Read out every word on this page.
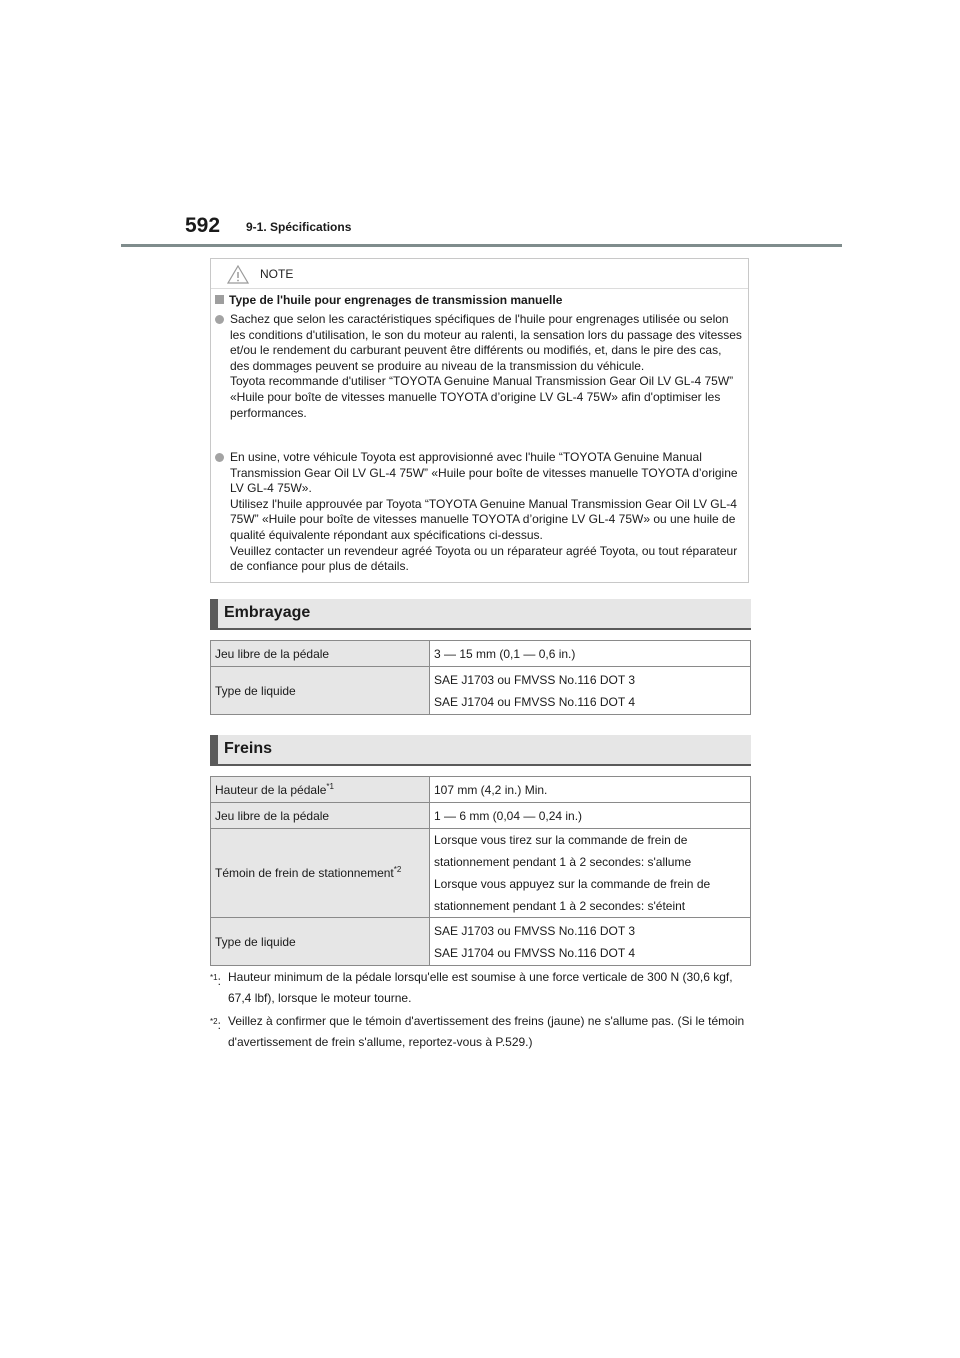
592 9-1. Spécifications
NOTE
Type de l'huile pour engrenages de transmission manuelle

Sachez que selon les caractéristiques spécifiques de l'huile pour engrenages utilisée ou selon les conditions d'utilisation, le son du moteur au ralenti, la sensation lors du passage des vitesses et/ou le rendement du carburant peuvent être différents ou modifiés, et, dans le pire des cas, des dommages peuvent se produire au niveau de la transmission du véhicule.

Toyota recommande d'utiliser “TOYOTA Genuine Manual Transmission Gear Oil LV GL-4 75W” «Huile pour boîte de vitesses manuelle TOYOTA d’origine LV GL-4 75W» afin d'optimiser les performances.

En usine, votre véhicule Toyota est approvisionné avec l'huile “TOYOTA Genuine Manual Transmission Gear Oil LV GL-4 75W” «Huile pour boîte de vitesses manuelle TOYOTA d’origine LV GL-4 75W».

Utilisez l'huile approuvée par Toyota “TOYOTA Genuine Manual Transmission Gear Oil LV GL-4 75W” «Huile pour boîte de vitesses manuelle TOYOTA d’origine LV GL-4 75W» ou une huile de qualité équivalente répondant aux spécifications ci-dessus.

Veuillez contacter un revendeur agréé Toyota ou un réparateur agréé Toyota, ou tout réparateur de confiance pour plus de détails.

Embrayage
Jeu libre de la pédale	3 — 15 mm (0,1 — 0,6 in.)
Type de liquide	SAE J1703 ou FMVSS No.116 DOT 3

SAE J1704 ou FMVSS No.116 DOT 4

Freins
Hauteur de la pédale$^{*1}$	107 mm (4,2 in.) Min.
Jeu libre de la pédale	1 — 6 mm (0,04 — 0,24 in.)
Témoin de frein de stationnement$^{*2}$	Lorsque vous tirez sur la commande de frein de stationnement pendant 1 à 2 secondes: s'allume

Lorsque vous appuyez sur la commande de frein de stationnement pendant 1 à 2 secondes: s'éteint

Type de liquide	SAE J1703 ou FMVSS No.116 DOT 3

SAE J1704 ou FMVSS No.116 DOT 4

$^{*1}$: Hauteur minimum de la pédale lorsqu'elle est soumise à une force verticale de 300 N (30,6 kgf, 67,4 lbf), lorsque le moteur tourne.
$^{*2}$: Veillez à confirmer que le témoin d'avertissement des freins (jaune) ne s'allume pas. (Si le témoin d'avertissement de frein s'allume, reportez-vous à P.529.)
